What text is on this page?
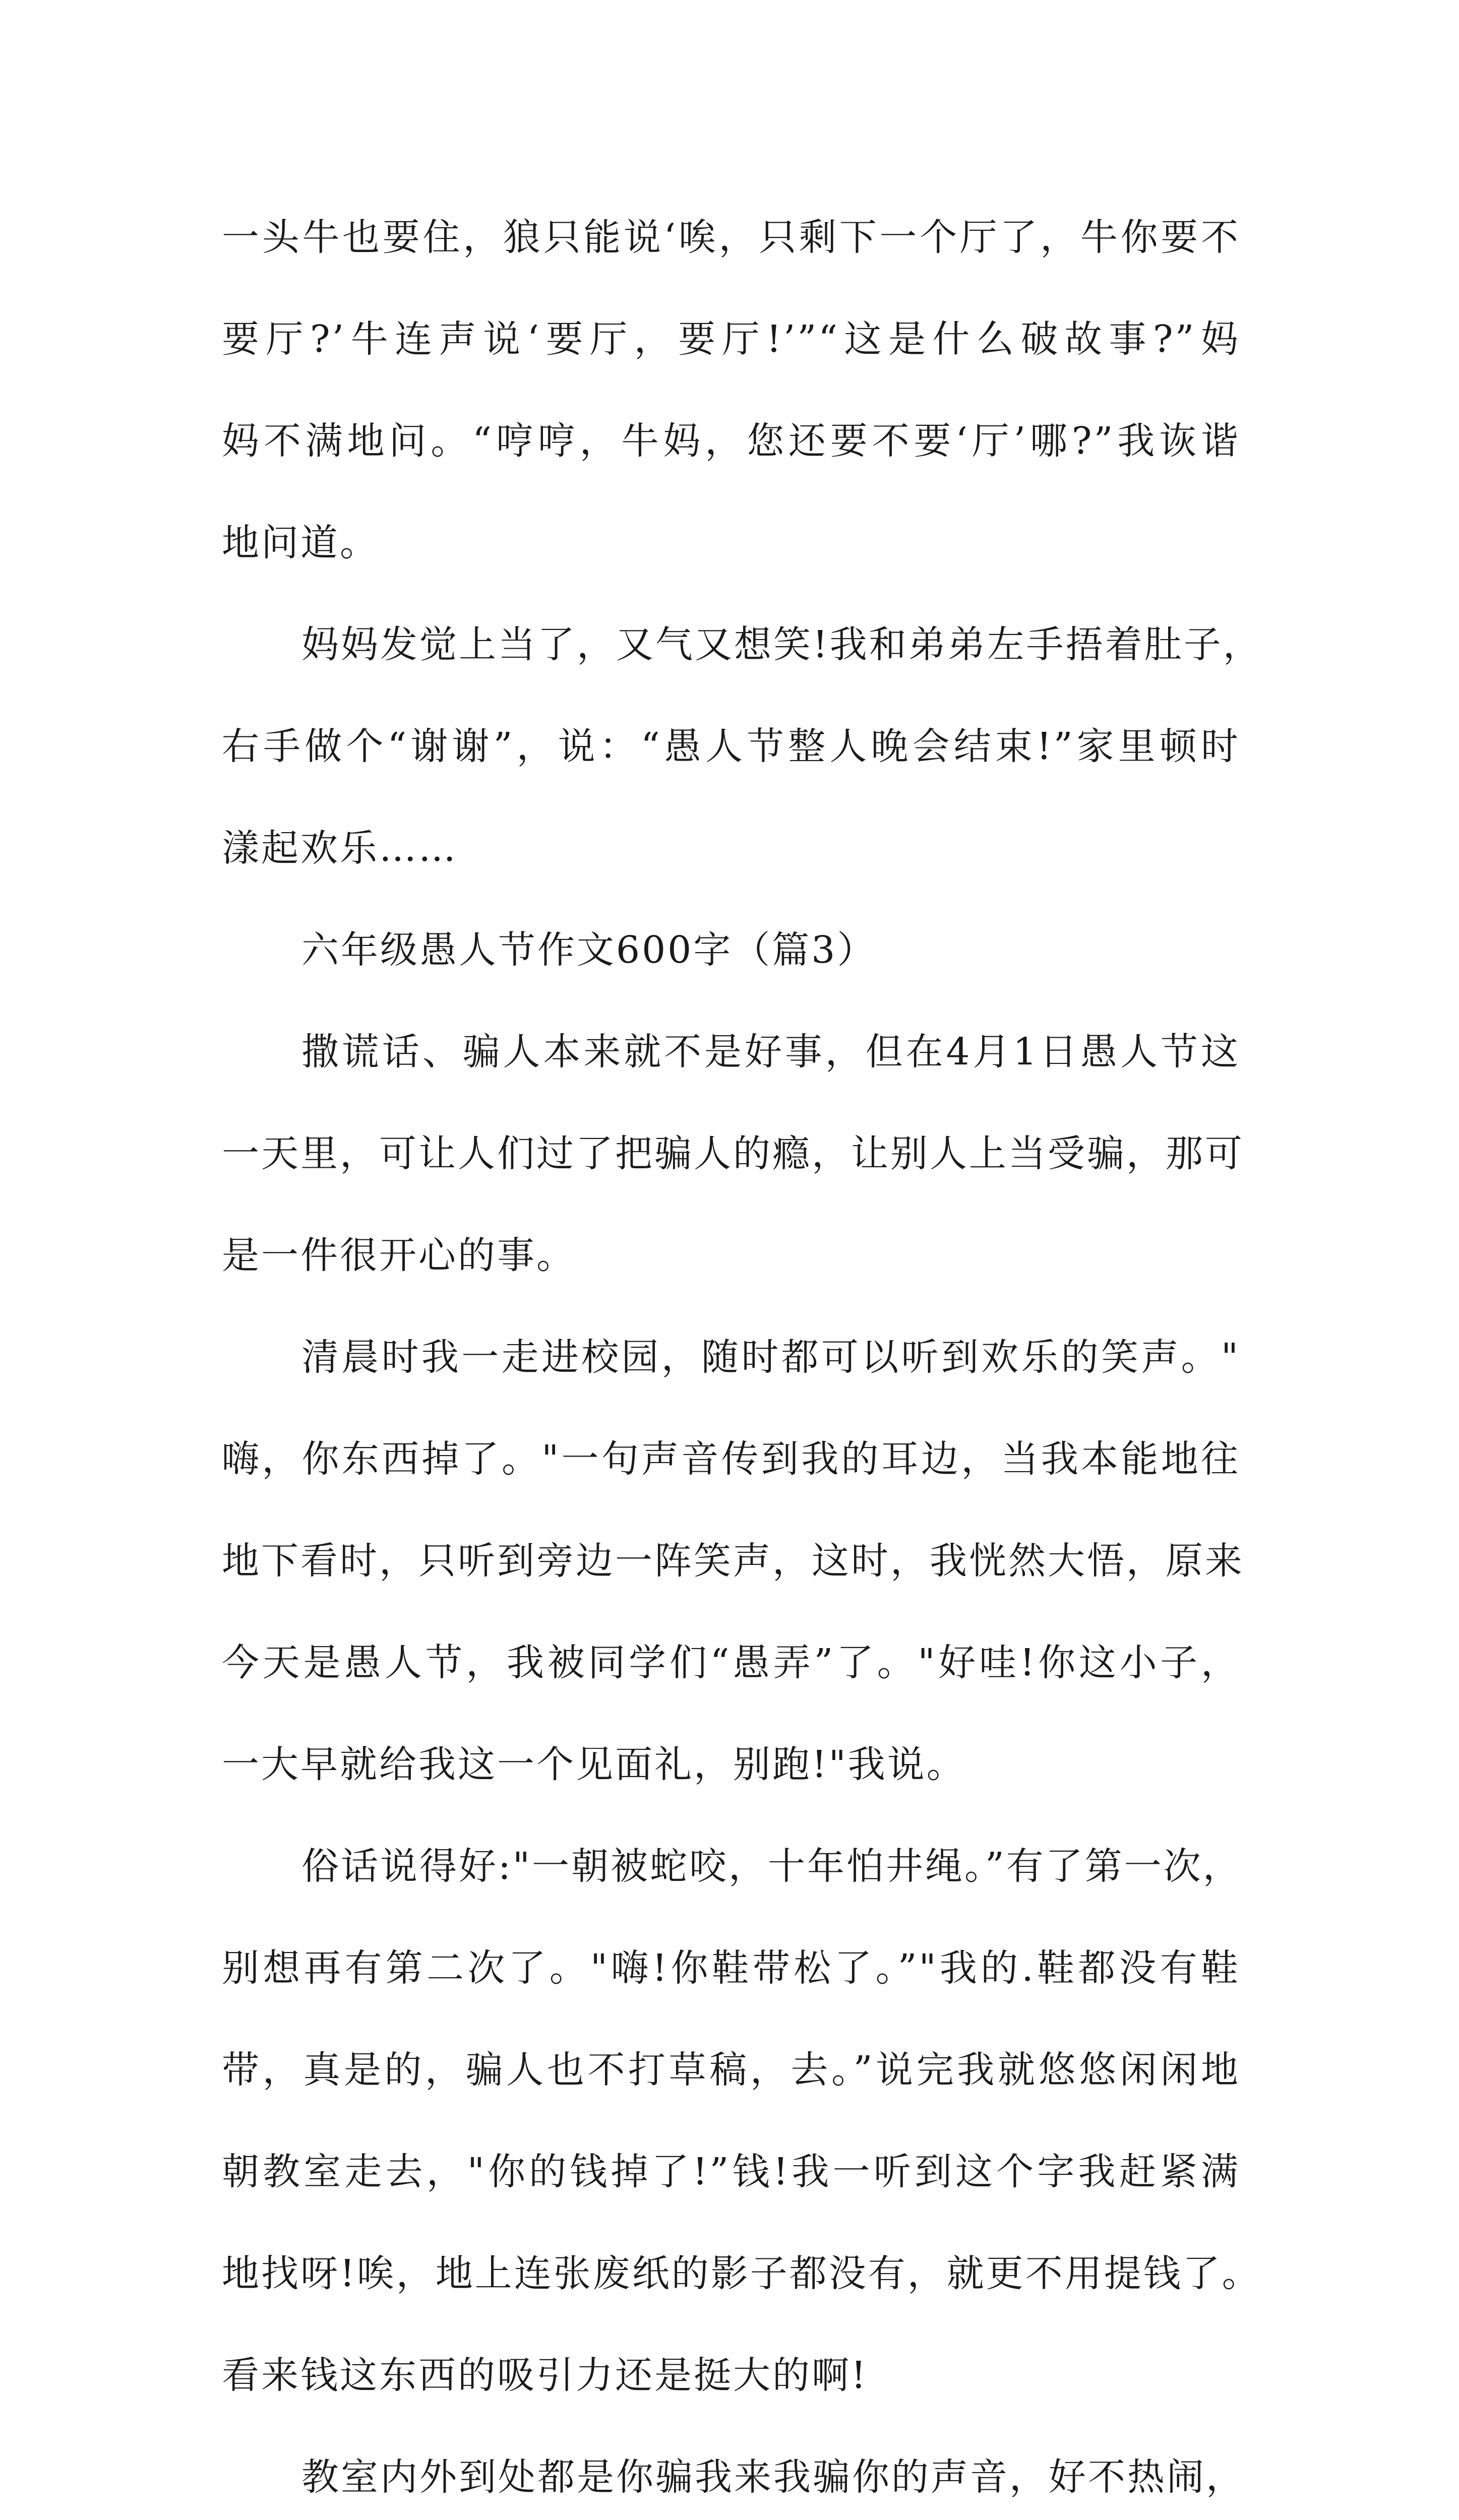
一头牛也要住，狼只能说‘唉，只剩下一个厅了，牛你要不
要厅?’牛连声说‘要厅，要厅!’”“这是什么破故事?”妈
妈不满地问。“哼哼，牛妈，您还要不要‘厅’哪?”我诙谐
地问道。
妈妈发觉上当了，又气又想笑!我和弟弟左手捂着肚子，
右手做个“谢谢”，说：“愚人节整人晚会结束!”家里顿时
漾起欢乐……
六年级愚人节作文600字（篇3）
撒谎话、骗人本来就不是好事，但在4月1日愚人节这
一天里，可让人们过了把骗人的瘾，让别人上当受骗，那可
是一件很开心的事。
清晨时我一走进校园，随时都可以听到欢乐的笑声。"
嗨，你东西掉了。"一句声音传到我的耳边，当我本能地往
地下看时，只听到旁边一阵笑声，这时，我恍然大悟，原来
今天是愚人节，我被同学们“愚弄”了。"好哇!你这小子，
一大早就给我这一个见面礼，别跑!"我说。
俗话说得好:"一朝被蛇咬，十年怕井绳。”有了第一次，
别想再有第二次了。"嗨!你鞋带松了。”"我的.鞋都没有鞋
带，真是的，骗人也不打草稿，去。”说完我就悠悠闲闲地
朝教室走去，"你的钱掉了!”钱!我一听到这个字我赶紧满
地找呀!唉，地上连张废纸的影子都没有，就更不用提钱了。
看来钱这东西的吸引力还是挺大的啊!
教室内外到处都是你骗我来我骗你的声音，好不热闹，
